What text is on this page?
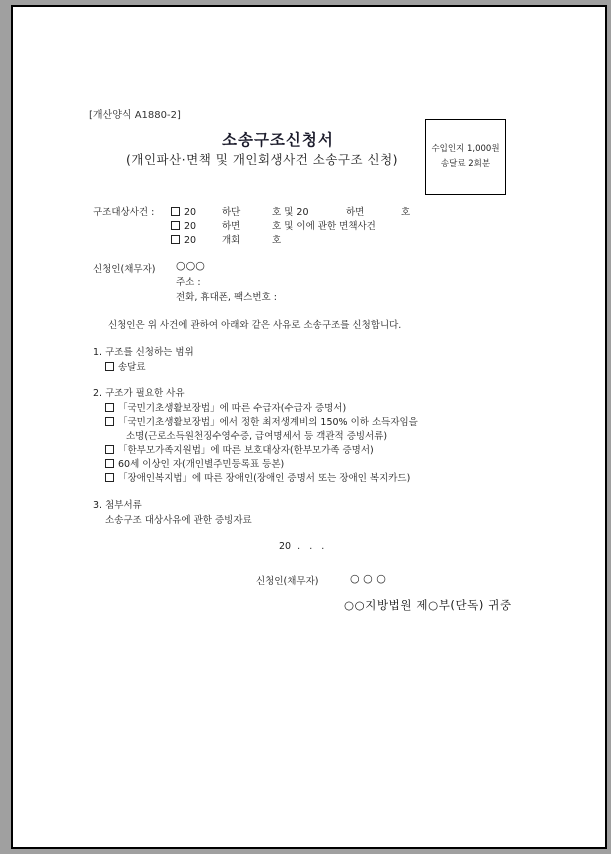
[개산양식 A1880-2]
소송구조신청서
(개인파산·면책 및 개인회생사건 소송구조 신청)
수입인지 1,000원
송달료 2회분
구조대상사건 :	20	하단	호 및 20	하면	호
20	하면	호 및 이에 관한 면책사건
20	개회	호
신청인(채무자) ○○○
주소 :
전화, 휴대폰, 팩스번호 :
신청인은 위 사건에 관하여 아래와 같은 사유로 소송구조를 신청합니다.
1. 구조를 신청하는 범위
송달료
2. 구조가 필요한 사유
「국민기초생활보장법」에 따른 수급자(수급자 증명서)
「국민기초생활보장법」에서 정한 최저생계비의 150% 이하 소득자임을
소명(근로소득원천징수영수증, 급여명세서 등 객관적 증빙서류)
「한부모가족지원법」에 따른 보호대상자(한부모가족 증명서)
60세 이상인 자(개인별주민등록표 등본)
「장애인복지법」에 따른 장애인(장애인 증명서 또는 장애인 복지카드)
3. 첨부서류
소송구조 대상사유에 관한 증빙자료
20  .   .   .
신청인(채무자)	○ ○ ○
○○지방법원 제○부(단독) 귀중
